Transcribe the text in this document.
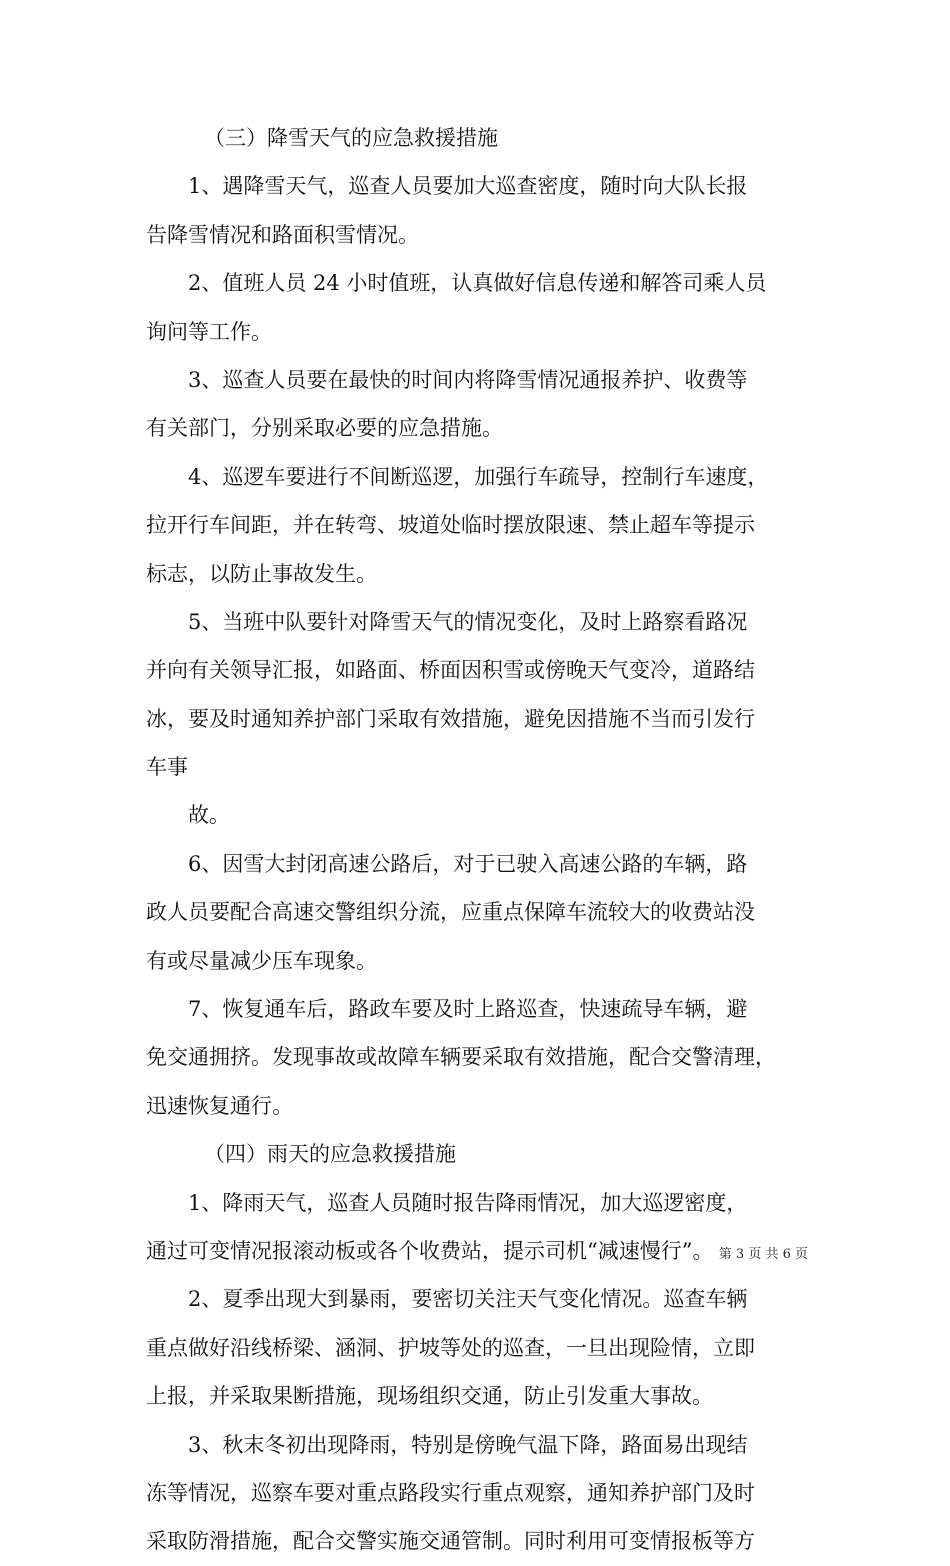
（三）降雪天气的应急救援措施
1、遇降雪天气，巡查人员要加大巡查密度，随时向大队长报
告降雪情况和路面积雪情况。
2、值班人员 24 小时值班，认真做好信息传递和解答司乘人员
询问等工作。
3、巡查人员要在最快的时间内将降雪情况通报养护、收费等
有关部门，分别采取必要的应急措施。
4、巡逻车要进行不间断巡逻，加强行车疏导，控制行车速度，
拉开行车间距，并在转弯、坡道处临时摆放限速、禁止超车等提示
标志，以防止事故发生。
5、当班中队要针对降雪天气的情况变化，及时上路察看路况
并向有关领导汇报，如路面、桥面因积雪或傍晚天气变冷，道路结
冰，要及时通知养护部门采取有效措施，避免因措施不当而引发行
车事
故。
6、因雪大封闭高速公路后，对于已驶入高速公路的车辆，路
政人员要配合高速交警组织分流，应重点保障车流较大的收费站没
有或尽量减少压车现象。
7、恢复通车后，路政车要及时上路巡查，快速疏导车辆，避
免交通拥挤。发现事故或故障车辆要采取有效措施，配合交警清理，
迅速恢复通行。
（四）雨天的应急救援措施
1、降雨天气，巡查人员随时报告降雨情况，加大巡逻密度，
通过可变情况报滚动板或各个收费站，提示司机“减速慢行”。
2、夏季出现大到暴雨，要密切关注天气变化情况。巡查车辆
重点做好沿线桥梁、涵洞、护坡等处的巡查，一旦出现险情，立即
上报，并采取果断措施，现场组织交通，防止引发重大事故。
3、秋末冬初出现降雨，特别是傍晚气温下降，路面易出现结
冻等情况，巡察车要对重点路段实行重点观察，通知养护部门及时
采取防滑措施，配合交警实施交通管制。同时利用可变情报板等方
第 3 页 共 6 页
